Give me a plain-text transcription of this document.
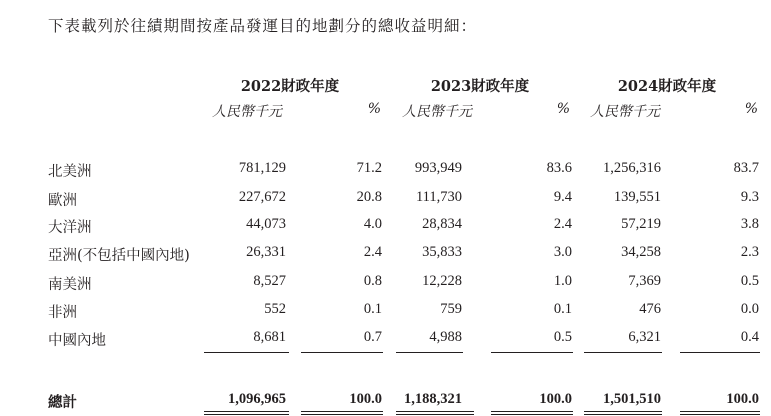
下表載列於往績期間按產品發運目的地劃分的總收益明細：
2022財政年度	2023財政年度	2024財政年度
人民幣千元	% 人民幣千元	% 人民幣千元	%
北美洲	781,129	71.2 993,949	83.6 1,256,316	83.7
歐洲	227,672	20.8 111,730	9.4	139,551	9.3
大洋洲	44,073	4.0	28,834	2.4	57,219	3.8
亞洲(不包括中國內地)	26,331	2.4	35,833	3.0	34,258	2.3
南美洲	8,527	0.8	12,228	1.0	7,369	0.5
非洲	552	0.1	759	0.1	476	0.0
中國內地	8,681	0.7	4,988	0.5	6,321	0.4
總計	1,096,965	100.0 1,188,321	100.0 1,501,510	100.0
